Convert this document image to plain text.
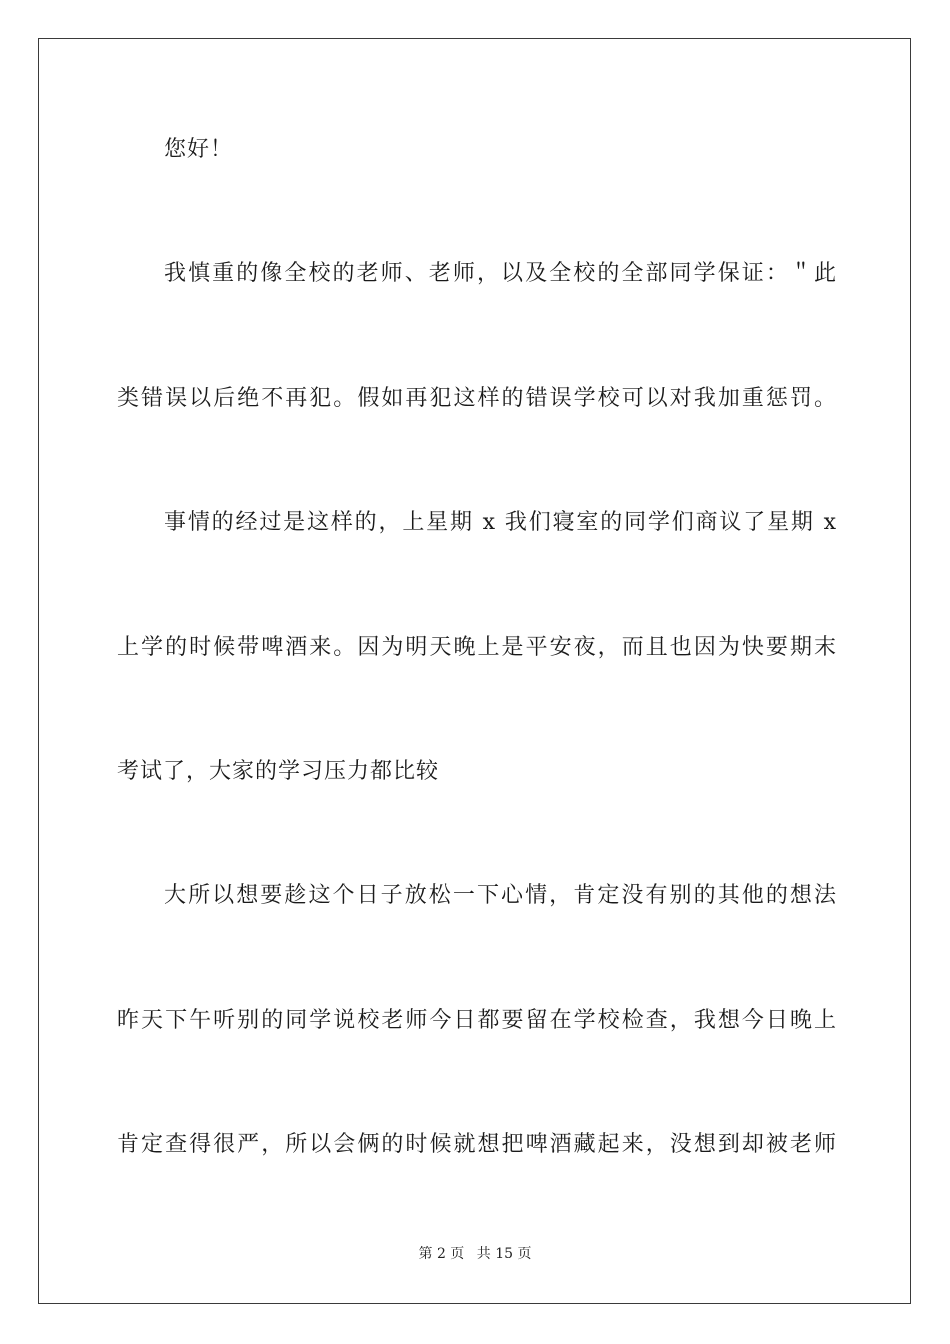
您好！
我慎重的像全校的老师、老师，以及全校的全部同学保证：＂此
类错误以后绝不再犯。假如再犯这样的错误学校可以对我加重惩罚。
事情的经过是这样的，上星期 x 我们寝室的同学们商议了星期 x
上学的时候带啤酒来。因为明天晚上是平安夜，而且也因为快要期末
考试了，大家的学习压力都比较
大所以想要趁这个日子放松一下心情，肯定没有别的其他的想法
昨天下午听别的同学说校老师今日都要留在学校检查，我想今日晚上
肯定查得很严，所以会俩的时候就想把啤酒藏起来，没想到却被老师
第 2 页 共 15 页
